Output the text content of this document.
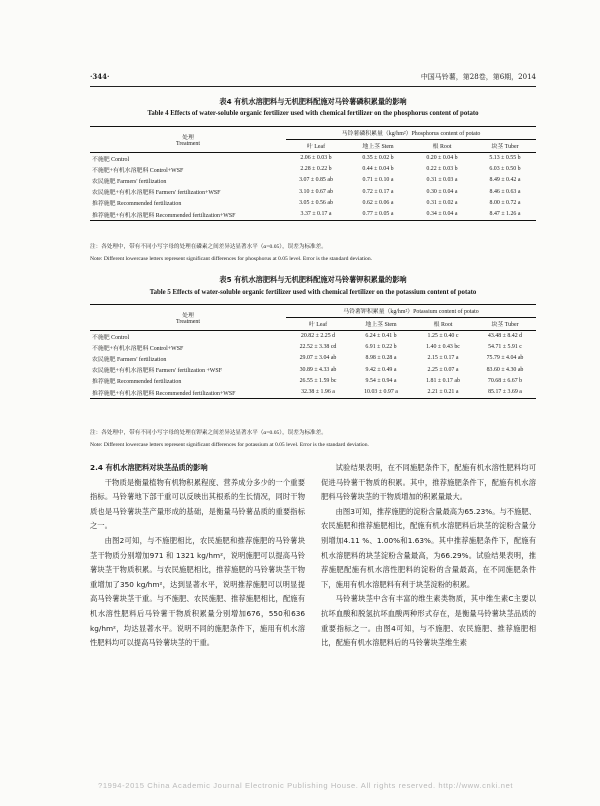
·344·	中国马铃薯，第28卷，第6期，2014
表4 有机水溶肥料与无机肥料配施对马铃薯磷积累量的影响
Table 4 Effects of water-soluble organic fertilizer used with chemical fertilizer on the phosphorus content of potato

处理
Treatment	马铃薯磷积累量（kg/hm²）Phosphorus content of potato			
	叶 Leaf	地上茎 Stem	根 Root	块茎 Tuber

不施肥 Control	2.06 ± 0.03 b	0.35 ± 0.02 b	0.20 ± 0.04 b	5.13 ± 0.55 b
不施肥+有机水溶肥料 Control+WSF	2.28 ± 0.22 b	0.44 ± 0.04 b	0.22 ± 0.03 b	6.03 ± 0.50 b
农民施肥 Farmers' fertilization	3.07 ± 0.85 ab	0.71 ± 0.10 a	0.31 ± 0.03 a	8.49 ± 0.42 a
农民施肥+有机水溶肥料 Farmers' fertilization+WSF	3.10 ± 0.67 ab	0.72 ± 0.17 a	0.30 ± 0.04 a	8.46 ± 0.63 a
推荐施肥 Recommended fertilization	3.05 ± 0.56 ab	0.62 ± 0.06 a	0.31 ± 0.02 a	8.00 ± 0.72 a
推荐施肥+有机水溶肥料 Recommended fertilization+WSF	3.37 ± 0.17 a	0.77 ± 0.05 a	0.34 ± 0.04 a	8.47 ± 1.26 a

注：各处理中，带有不同小写字母的处理在磷素之间差异达显著水平（α=0.05），误差为标准差。
Note: Different lowercase letters represent significant differences for phosphorus at 0.05 level. Error is the standard deviation.
表5 有机水溶肥料与无机肥料配施对马铃薯钾积累量的影响
Table 5 Effects of water-soluble organic fertilizer used with chemical fertilizer on the potassium content of potato

处理
Treatment	马铃薯钾积累量（kg/hm²）Potassium content of potato			
	叶 Leaf	地上茎 Stem	根 Root	块茎 Tuber

不施肥 Control	20.82 ± 2.25 d	6.24 ± 0.41 b	1.25 ± 0.40 c	43.48 ± 8.42 d
不施肥+有机水溶肥料 Control+WSF	22.52 ± 3.38 cd	6.91 ± 0.22 b	1.40 ± 0.43 bc	54.71 ± 5.91 c
农民施肥 Farmers' fertilization	29.07 ± 3.04 ab	8.98 ± 0.28 a	2.15 ± 0.17 a	75.79 ± 4.04 ab
农民施肥+有机水溶肥料 Farmers' fertilization +WSF	30.89 ± 4.33 ab	9.42 ± 0.49 a	2.25 ± 0.07 a	83.60 ± 4.30 ab
推荐施肥 Recommended fertilization	26.55 ± 1.59 bc	9.54 ± 0.94 a	1.81 ± 0.17 ab	70.68 ± 6.67 b
推荐施肥+有机水溶肥料 Recommended fertilization+WSF	32.38 ± 1.96 a	10.03 ± 0.97 a	2.21 ± 0.21 a	85.17 ± 3.69 a

注：各处理中，带有不同小写字母的处理在钾素之间差异达显著水平（α=0.05），误差为标准差。
Note: Different lowercase letters represent significant differences for potassium at 0.05 level. Error is the standard deviation.
2.4 有机水溶肥料对块茎品质的影响

干物质是衡量植物有机物积累程度、营养成分多少的一个重要指标。马铃薯地下部干重可以反映出其根系的生长情况，同时干物质也是马铃薯块茎产量形成的基础，是衡量马铃薯品质的重要指标之一。

由图2可知，与不施肥相比，农民施肥和推荐施肥的马铃薯块茎干物质分别增加971 和 1321 kg/hm²，说明施肥可以提高马铃薯块茎干物质积累。与农民施肥相比，推荐施肥的马铃薯块茎干物重增加了350 kg/hm²，达到显著水平，说明推荐施肥可以明显提高马铃薯块茎干重。与不施肥、农民施肥、推荐施肥相比，配施有机水溶性肥料后马铃薯干物质积累量分别增加676，550和636 kg/hm²，均达显著水平。说明不同的施肥条件下，施用有机水溶性肥料均可以提高马铃薯块茎的干重。

试验结果表明，在不同施肥条件下，配施有机水溶性肥料均可促进马铃薯干物质的积累。其中，推荐施肥条件下，配施有机水溶肥料马铃薯块茎的干物质增加的积累量最大。

由图3可知，推荐施肥的淀粉含量最高为65.23%。与不施肥、农民施肥和推荐施肥相比，配施有机水溶肥料后块茎的淀粉含量分别增加4.11 %、1.00%和1.63%。其中推荐施肥条件下，配施有机水溶肥料的块茎淀粉含量最高，为66.29%。试验结果表明，推荐施肥配施有机水溶性肥料的淀粉的含量最高，在不同施肥条件下，施用有机水溶肥料有利于块茎淀粉的积累。

马铃薯块茎中含有丰富的维生素类物质，其中维生素C主要以抗坏血酸和脱氢抗坏血酸两种形式存在，是衡量马铃薯块茎品质的重要指标之一。由图4可知，与不施肥、农民施肥、推荐施肥相比，配施有机水溶肥料后的马铃薯块茎维生素

?1994-2015 China Academic Journal Electronic Publishing House. All rights reserved. http://www.cnki.net
